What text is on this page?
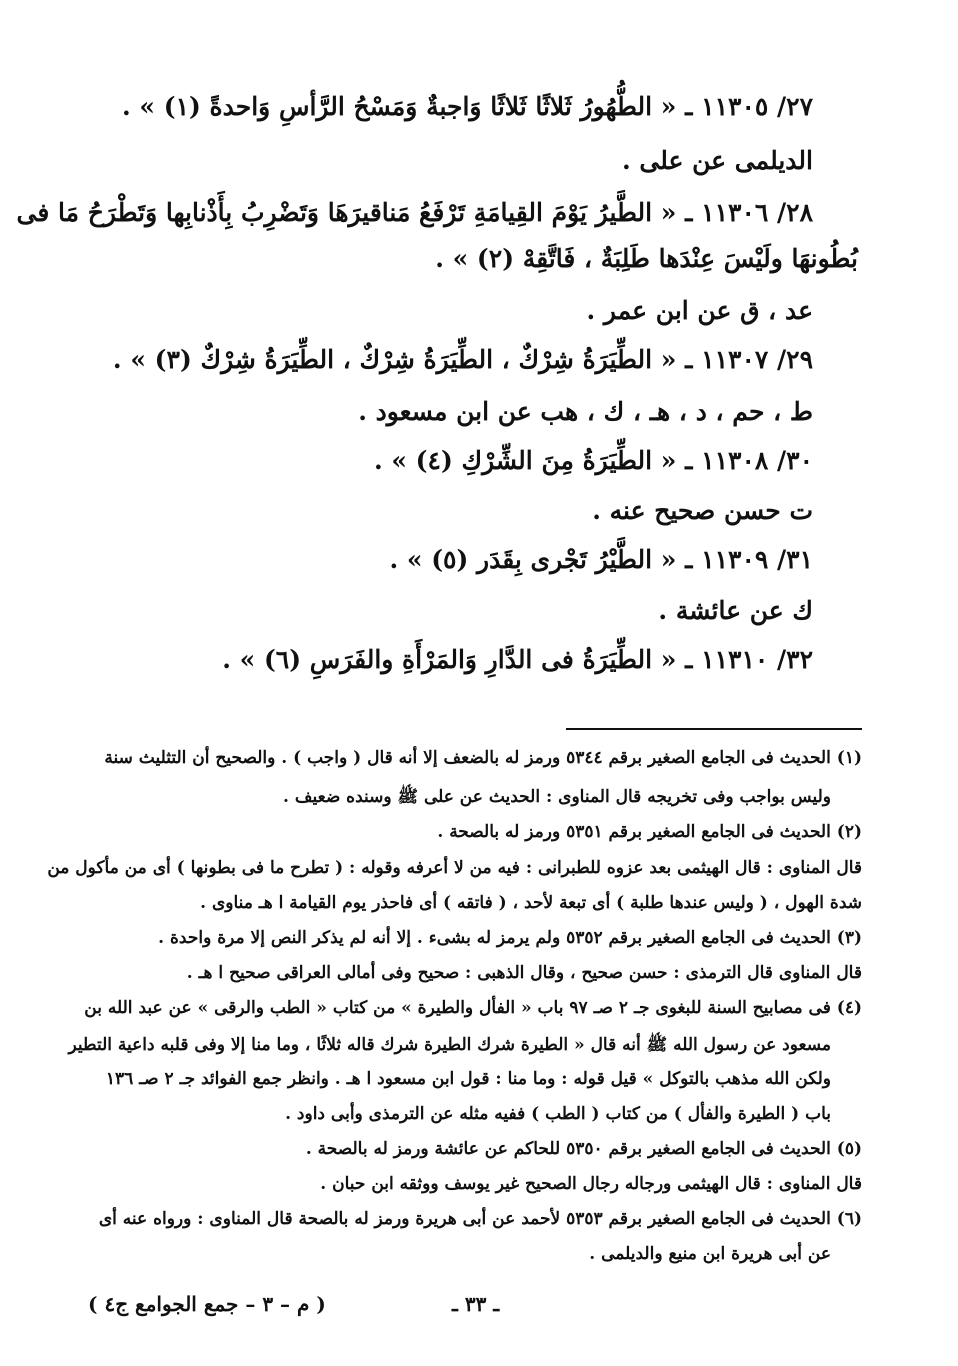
٢٧/ ١١٣٠٥ ـ « الطُّهُورُ ثَلاثًا ثَلاثًا وَاجبةٌ وَمَسْحُ الرَّأسِ وَاحدةً (١) » .
الديلمى عن على .
٢٨/ ١١٣٠٦ ـ « الطَّيرُ يَوْمَ القِيامَةِ تَرْفَعُ مَناقيرَهَا وَتَضْرِبُ بِأَذْنابِها وَتَطْرَحُ مَا فى
بُطُونهَا ولَيْسَ عِنْدَها طَلِبَةٌ ، فَاتَّقِهْ (٢) » .
عد ، ق عن ابن عمر .
٢٩/ ١١٣٠٧ ـ « الطِّيَرَةُ شِرْكٌ ، الطِّيَرَةُ شِرْكٌ ، الطِّيَرَةُ شِرْكٌ (٣) » .
ط ، حم ، د ، هـ ، ك ، هب عن ابن مسعود .
٣٠/ ١١٣٠٨ ـ « الطِّيَرَةُ مِنَ الشِّرْكِ (٤) » .
ت حسن صحيح عنه .
٣١/ ١١٣٠٩ ـ « الطَّيْرُ تَجْرى بِقَدَر (٥) » .
ك عن عائشة .
٣٢/ ١١٣١٠ ـ « الطِّيَرَةُ فى الدَّارِ وَالمَرْأَةِ والفَرَسِ (٦) » .
(١) الحديث فى الجامع الصغير برقم ٥٣٤٤ ورمز له بالضعف إلا أنه قال ( واجب ) . والصحيح أن التثليث سنة
وليس بواجب وفى تخريجه قال المناوى : الحديث عن على ﷺ وسنده ضعيف .
(٢) الحديث فى الجامع الصغير برقم ٥٣٥١ ورمز له بالصحة .
قال المناوى : قال الهيثمى بعد عزوه للطبرانى : فيه من لا أعرفه وقوله : ( تطرح ما فى بطونها ) أى من مأكول من
شدة الهول ، ( وليس عندها طلبة ) أى تبعة لأحد ، ( فاتقه ) أى فاحذر يوم القيامة ا هـ مناوى .
(٣) الحديث فى الجامع الصغير برقم ٥٣٥٢ ولم يرمز له بشىء . إلا أنه لم يذكر النص إلا مرة واحدة .
قال المناوى قال الترمذى : حسن صحيح ، وقال الذهبى : صحيح وفى أمالى العراقى صحيح ا هـ .
(٤) فى مصابيح السنة للبغوى جـ ٢ صـ ٩٧ باب « الفأل والطيرة » من كتاب « الطب والرقى » عن عبد الله بن
مسعود عن رسول الله ﷺ أنه قال « الطيرة شرك الطيرة شرك قاله ثلاثًا ، وما منا إلا وفى قلبه داعية التطير
ولكن الله مذهب بالتوكل » قيل قوله : وما منا : قول ابن مسعود ا هـ . وانظر جمع الفوائد جـ ٢ صـ ١٣٦
باب ( الطيرة والفأل ) من كتاب ( الطب ) ففيه مثله عن الترمذى وأبى داود .
(٥) الحديث فى الجامع الصغير برقم ٥٣٥٠ للحاكم عن عائشة ورمز له بالصحة .
قال المناوى : قال الهيثمى ورجاله رجال الصحيح غير يوسف ووثقه ابن حبان .
(٦) الحديث فى الجامع الصغير برقم ٥٣٥٣ لأحمد عن أبى هريرة ورمز له بالصحة قال المناوى : ورواه عنه أى
عن أبى هريرة ابن منيع والديلمى .
ـ ٣٣ ـ
( م – ٣ – جمع الجوامع ج٤ )
